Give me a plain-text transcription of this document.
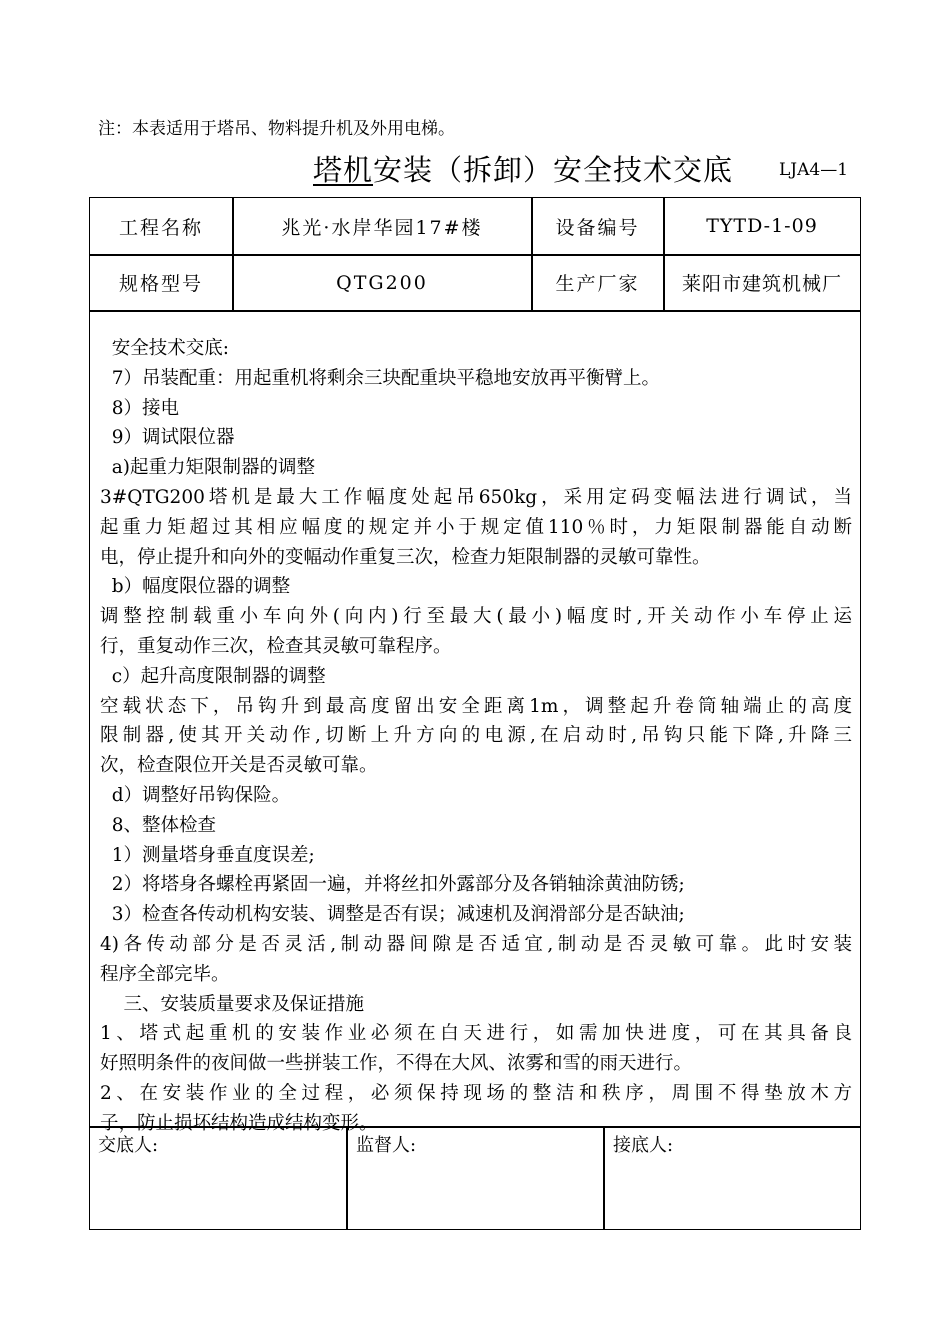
注：本表适用于塔吊、物料提升机及外用电梯。
塔机安装（拆卸）安全技术交底	LJA4—1
工程名称	兆光·水岸华园17#楼	设备编号	TYTD-1-09
规格型号	QTG200	生产厂家	莱阳市建筑机械厂
安全技术交底:
7）吊装配重：用起重机将剩余三块配重块平稳地安放再平衡臂上。
8）接电
9）调试限位器
a)起重力矩限制器的调整
3#QTG200塔机是最大工作幅度处起吊650kg，采用定码变幅法进行调试，当
起重力矩超过其相应幅度的规定并小于规定值110％时，力矩限制器能自动断
电，停止提升和向外的变幅动作重复三次，检查力矩限制器的灵敏可靠性。
b）幅度限位器的调整
调整控制载重小车向外(向内)行至最大(最小)幅度时,开关动作小车停止运
行，重复动作三次，检查其灵敏可靠程序。
c）起升高度限制器的调整
空载状态下，吊钩升到最高度留出安全距离1m，调整起升卷筒轴端止的高度
限制器,使其开关动作,切断上升方向的电源,在启动时,吊钩只能下降,升降三
次，检查限位开关是否灵敏可靠。
d）调整好吊钩保险。
8、整体检查
1）测量塔身垂直度误差;
2）将塔身各螺栓再紧固一遍，并将丝扣外露部分及各销轴涂黄油防锈;
3）检查各传动机构安装、调整是否有误；减速机及润滑部分是否缺油;
4)各传动部分是否灵活,制动器间隙是否适宜,制动是否灵敏可靠。此时安装
程序全部完毕。
三、安装质量要求及保证措施
1、塔式起重机的安装作业必须在白天进行，如需加快进度，可在其具备良
好照明条件的夜间做一些拼装工作，不得在大风、浓雾和雪的雨天进行。
2、在安装作业的全过程，必须保持现场的整洁和秩序，周围不得垫放木方
子，防止损坏结构造成结构变形。
交底人:	监督人:	接底人:
